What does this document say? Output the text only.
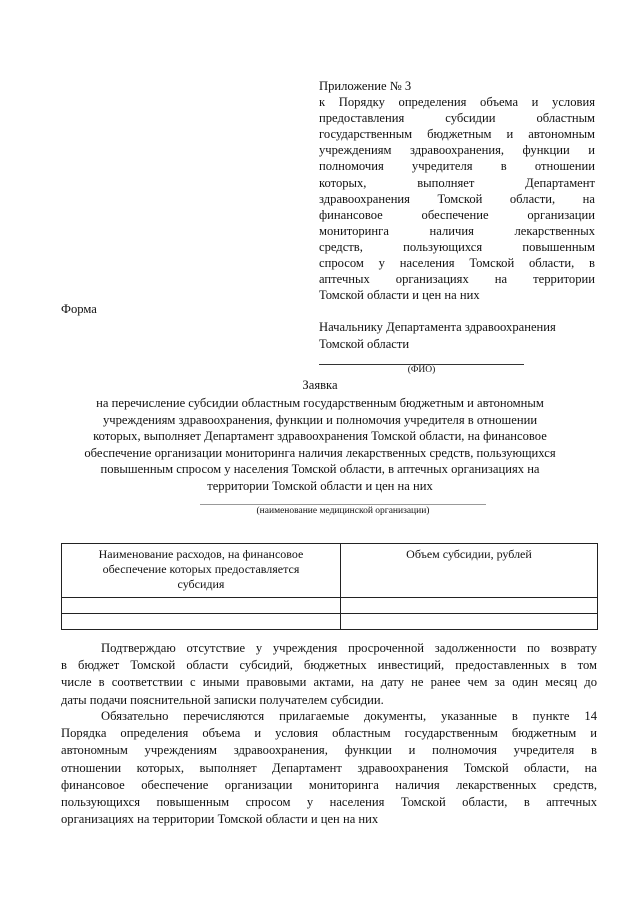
Приложение № 3
к Порядку определения объема и условия
предоставления субсидии областным
государственным бюджетным и автономным
учреждениям здравоохранения, функции и
полномочия учредителя в отношении
которых, выполняет Департамент
здравоохранения Томской области, на
финансовое обеспечение организации
мониторинга наличия лекарственных
средств, пользующихся повышенным
спросом у населения Томской области, в
аптечных организациях на территории
Томской области и цен на них
Форма
Начальнику Департамента здравоохранения
Томской области
(ФИО)
Заявка
на перечисление субсидии областным государственным бюджетным и автономным
учреждениям здравоохранения, функции и полномочия учредителя в отношении
которых, выполняет Департамент здравоохранения Томской области, на финансовое
обеспечение организации мониторинга наличия лекарственных средств, пользующихся
повышенным спросом у населения Томской области, в аптечных организациях на
территории Томской области и цен на них
(наименование медицинской организации)
Наименование расходов, на финансовое
обеспечение которых предоставляется
субсидия	Объем субсидии, рублей

Подтверждаю отсутствие у учреждения просроченной задолженности по возврату
в бюджет Томской области субсидий, бюджетных инвестиций, предоставленных в том
числе в соответствии с иными правовыми актами, на дату не ранее чем за один месяц до
даты подачи пояснительной записки получателем субсидии.
Обязательно перечисляются прилагаемые документы, указанные в пункте 14
Порядка определения объема и условия областным государственным бюджетным и
автономным учреждениям здравоохранения, функции и полномочия учредителя в
отношении которых, выполняет Департамент здравоохранения Томской области, на
финансовое обеспечение организации мониторинга наличия лекарственных средств,
пользующихся повышенным спросом у населения Томской области, в аптечных
организациях на территории Томской области и цен на них
